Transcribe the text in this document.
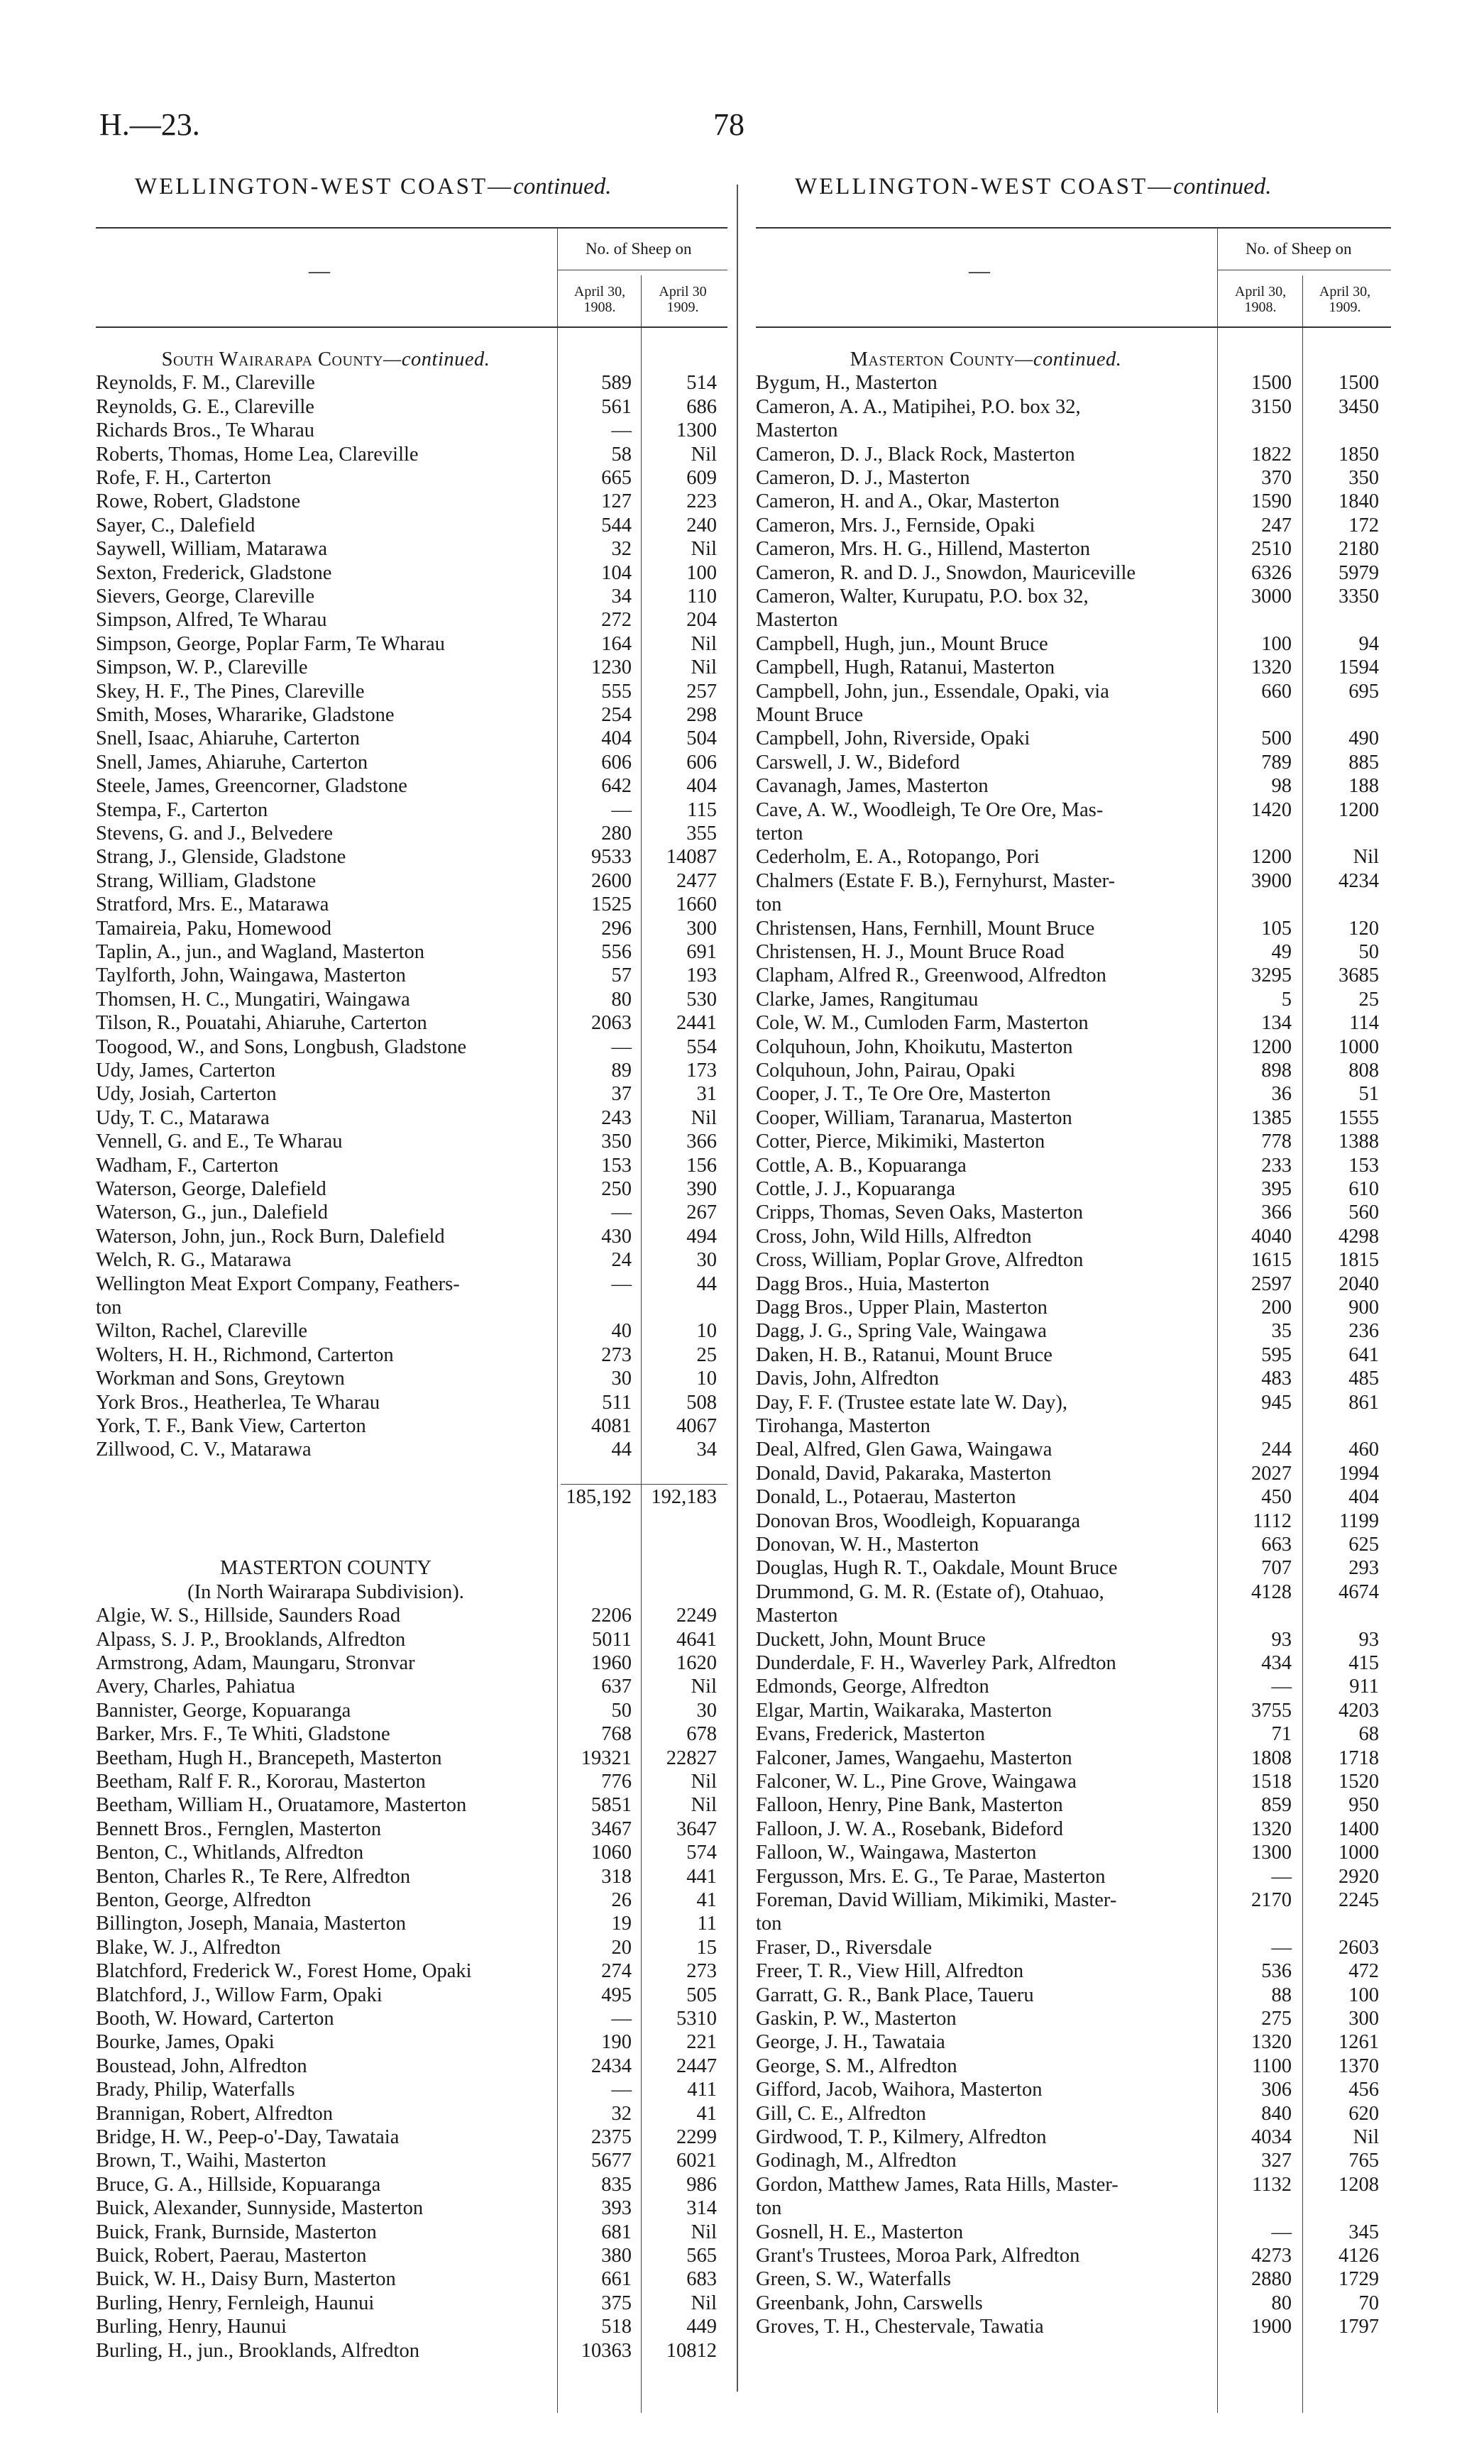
H.—23.	78
WELLINGTON-WEST COAST—continued.	WELLINGTON-WEST COAST—continued.
—
No. of Sheep on
April 30,
1908.
April 30
1909.
South Wairarapa County—continued.
Reynolds, F. M., Clareville	589	514
Reynolds, G. E., Clareville	561	686
Richards Bros., Te Wharau	—	1300
Roberts, Thomas, Home Lea, Clareville	58	Nil
Rofe, F. H., Carterton	665	609
Rowe, Robert, Gladstone	127	223
Sayer, C., Dalefield	544	240
Saywell, William, Matarawa	32	Nil
Sexton, Frederick, Gladstone	104	100
Sievers, George, Clareville	34	110
Simpson, Alfred, Te Wharau	272	204
Simpson, George, Poplar Farm, Te Wharau	164	Nil
Simpson, W. P., Clareville	1230	Nil
Skey, H. F., The Pines, Clareville	555	257
Smith, Moses, Whararike, Gladstone	254	298
Snell, Isaac, Ahiaruhe, Carterton	404	504
Snell, James, Ahiaruhe, Carterton	606	606
Steele, James, Greencorner, Gladstone	642	404
Stempa, F., Carterton	—	115
Stevens, G. and J., Belvedere	280	355
Strang, J., Glenside, Gladstone	9533	14087
Strang, William, Gladstone	2600	2477
Stratford, Mrs. E., Matarawa	1525	1660
Tamaireia, Paku, Homewood	296	300
Taplin, A., jun., and Wagland, Masterton	556	691
Taylforth, John, Waingawa, Masterton	57	193
Thomsen, H. C., Mungatiri, Waingawa	80	530
Tilson, R., Pouatahi, Ahiaruhe, Carterton	2063	2441
Toogood, W., and Sons, Longbush, Gladstone	—	554
Udy, James, Carterton	89	173
Udy, Josiah, Carterton	37	31
Udy, T. C., Matarawa	243	Nil
Vennell, G. and E., Te Wharau	350	366
Wadham, F., Carterton	153	156
Waterson, George, Dalefield	250	390
Waterson, G., jun., Dalefield	—	267
Waterson, John, jun., Rock Burn, Dalefield	430	494
Welch, R. G., Matarawa	24	30
Wellington Meat Export Company, Feathers-	—	44
ton
Wilton, Rachel, Clareville	40	10
Wolters, H. H., Richmond, Carterton	273	25
Workman and Sons, Greytown	30	10
York Bros., Heatherlea, Te Wharau	511	508
York, T. F., Bank View, Carterton	4081	4067
Zillwood, C. V., Matarawa	44	34
185,192 192,183
MASTERTON COUNTY
(In North Wairarapa Subdivision).
Algie, W. S., Hillside, Saunders Road	2206	2249
Alpass, S. J. P., Brooklands, Alfredton	5011	4641
Armstrong, Adam, Maungaru, Stronvar	1960	1620
Avery, Charles, Pahiatua	637	Nil
Bannister, George, Kopuaranga	50	30
Barker, Mrs. F., Te Whiti, Gladstone	768	678
Beetham, Hugh H., Brancepeth, Masterton	19321	22827
Beetham, Ralf F. R., Kororau, Masterton	776	Nil
Beetham, William H., Oruatamore, Masterton	5851	Nil
Bennett Bros., Fernglen, Masterton	3467	3647
Benton, C., Whitlands, Alfredton	1060	574
Benton, Charles R., Te Rere, Alfredton	318	441
Benton, George, Alfredton	26	41
Billington, Joseph, Manaia, Masterton	19	11
Blake, W. J., Alfredton	20	15
Blatchford, Frederick W., Forest Home, Opaki	274	273
Blatchford, J., Willow Farm, Opaki	495	505
Booth, W. Howard, Carterton	—	5310
Bourke, James, Opaki	190	221
Boustead, John, Alfredton	2434	2447
Brady, Philip, Waterfalls	—	411
Brannigan, Robert, Alfredton	32	41
Bridge, H. W., Peep-o'-Day, Tawataia	2375	2299
Brown, T., Waihi, Masterton	5677	6021
Bruce, G. A., Hillside, Kopuaranga	835	986
Buick, Alexander, Sunnyside, Masterton	393	314
Buick, Frank, Burnside, Masterton	681	Nil
Buick, Robert, Paerau, Masterton	380	565
Buick, W. H., Daisy Burn, Masterton	661	683
Burling, Henry, Fernleigh, Haunui	375	Nil
Burling, Henry, Haunui	518	449
Burling, H., jun., Brooklands, Alfredton	10363	10812
—
No. of Sheep on
April 30,
1908.
April 30,
1909.
Masterton County—continued.
Bygum, H., Masterton	1500	1500
Cameron, A. A., Matipihei, P.O. box 32,	3150	3450
Masterton
Cameron, D. J., Black Rock, Masterton	1822	1850
Cameron, D. J., Masterton	370	350
Cameron, H. and A., Okar, Masterton	1590	1840
Cameron, Mrs. J., Fernside, Opaki	247	172
Cameron, Mrs. H. G., Hillend, Masterton	2510	2180
Cameron, R. and D. J., Snowdon, Mauriceville	6326	5979
Cameron, Walter, Kurupatu, P.O. box 32,	3000	3350
Masterton
Campbell, Hugh, jun., Mount Bruce	100	94
Campbell, Hugh, Ratanui, Masterton	1320	1594
Campbell, John, jun., Essendale, Opaki, via	660	695
Mount Bruce
Campbell, John, Riverside, Opaki	500	490
Carswell, J. W., Bideford	789	885
Cavanagh, James, Masterton	98	188
Cave, A. W., Woodleigh, Te Ore Ore, Mas-	1420	1200
terton
Cederholm, E. A., Rotopango, Pori	1200	Nil
Chalmers (Estate F. B.), Fernyhurst, Master-	3900	4234
ton
Christensen, Hans, Fernhill, Mount Bruce	105	120
Christensen, H. J., Mount Bruce Road	49	50
Clapham, Alfred R., Greenwood, Alfredton	3295	3685
Clarke, James, Rangitumau	5	25
Cole, W. M., Cumloden Farm, Masterton	134	114
Colquhoun, John, Khoikutu, Masterton	1200	1000
Colquhoun, John, Pairau, Opaki	898	808
Cooper, J. T., Te Ore Ore, Masterton	36	51
Cooper, William, Taranarua, Masterton	1385	1555
Cotter, Pierce, Mikimiki, Masterton	778	1388
Cottle, A. B., Kopuaranga	233	153
Cottle, J. J., Kopuaranga	395	610
Cripps, Thomas, Seven Oaks, Masterton	366	560
Cross, John, Wild Hills, Alfredton	4040	4298
Cross, William, Poplar Grove, Alfredton	1615	1815
Dagg Bros., Huia, Masterton	2597	2040
Dagg Bros., Upper Plain, Masterton	200	900
Dagg, J. G., Spring Vale, Waingawa	35	236
Daken, H. B., Ratanui, Mount Bruce	595	641
Davis, John, Alfredton	483	485
Day, F. F. (Trustee estate late W. Day),	945	861
Tirohanga, Masterton
Deal, Alfred, Glen Gawa, Waingawa	244	460
Donald, David, Pakaraka, Masterton	2027	1994
Donald, L., Potaerau, Masterton	450	404
Donovan Bros, Woodleigh, Kopuaranga	1112	1199
Donovan, W. H., Masterton	663	625
Douglas, Hugh R. T., Oakdale, Mount Bruce	707	293
Drummond, G. M. R. (Estate of), Otahuao,	4128	4674
Masterton
Duckett, John, Mount Bruce	93	93
Dunderdale, F. H., Waverley Park, Alfredton	434	415
Edmonds, George, Alfredton	—	911
Elgar, Martin, Waikaraka, Masterton	3755	4203
Evans, Frederick, Masterton	71	68
Falconer, James, Wangaehu, Masterton	1808	1718
Falconer, W. L., Pine Grove, Waingawa	1518	1520
Falloon, Henry, Pine Bank, Masterton	859	950
Falloon, J. W. A., Rosebank, Bideford	1320	1400
Falloon, W., Waingawa, Masterton	1300	1000
Fergusson, Mrs. E. G., Te Parae, Masterton	—	2920
Foreman, David William, Mikimiki, Master-	2170	2245
ton
Fraser, D., Riversdale	—	2603
Freer, T. R., View Hill, Alfredton	536	472
Garratt, G. R., Bank Place, Taueru	88	100
Gaskin, P. W., Masterton	275	300
George, J. H., Tawataia	1320	1261
George, S. M., Alfredton	1100	1370
Gifford, Jacob, Waihora, Masterton	306	456
Gill, C. E., Alfredton	840	620
Girdwood, T. P., Kilmery, Alfredton	4034	Nil
Godinagh, M., Alfredton	327	765
Gordon, Matthew James, Rata Hills, Master-	1132	1208
ton
Gosnell, H. E., Masterton	—	345
Grant's Trustees, Moroa Park, Alfredton	4273	4126
Green, S. W., Waterfalls	2880	1729
Greenbank, John, Carswells	80	70
Groves, T. H., Chestervale, Tawatia	1900	1797
